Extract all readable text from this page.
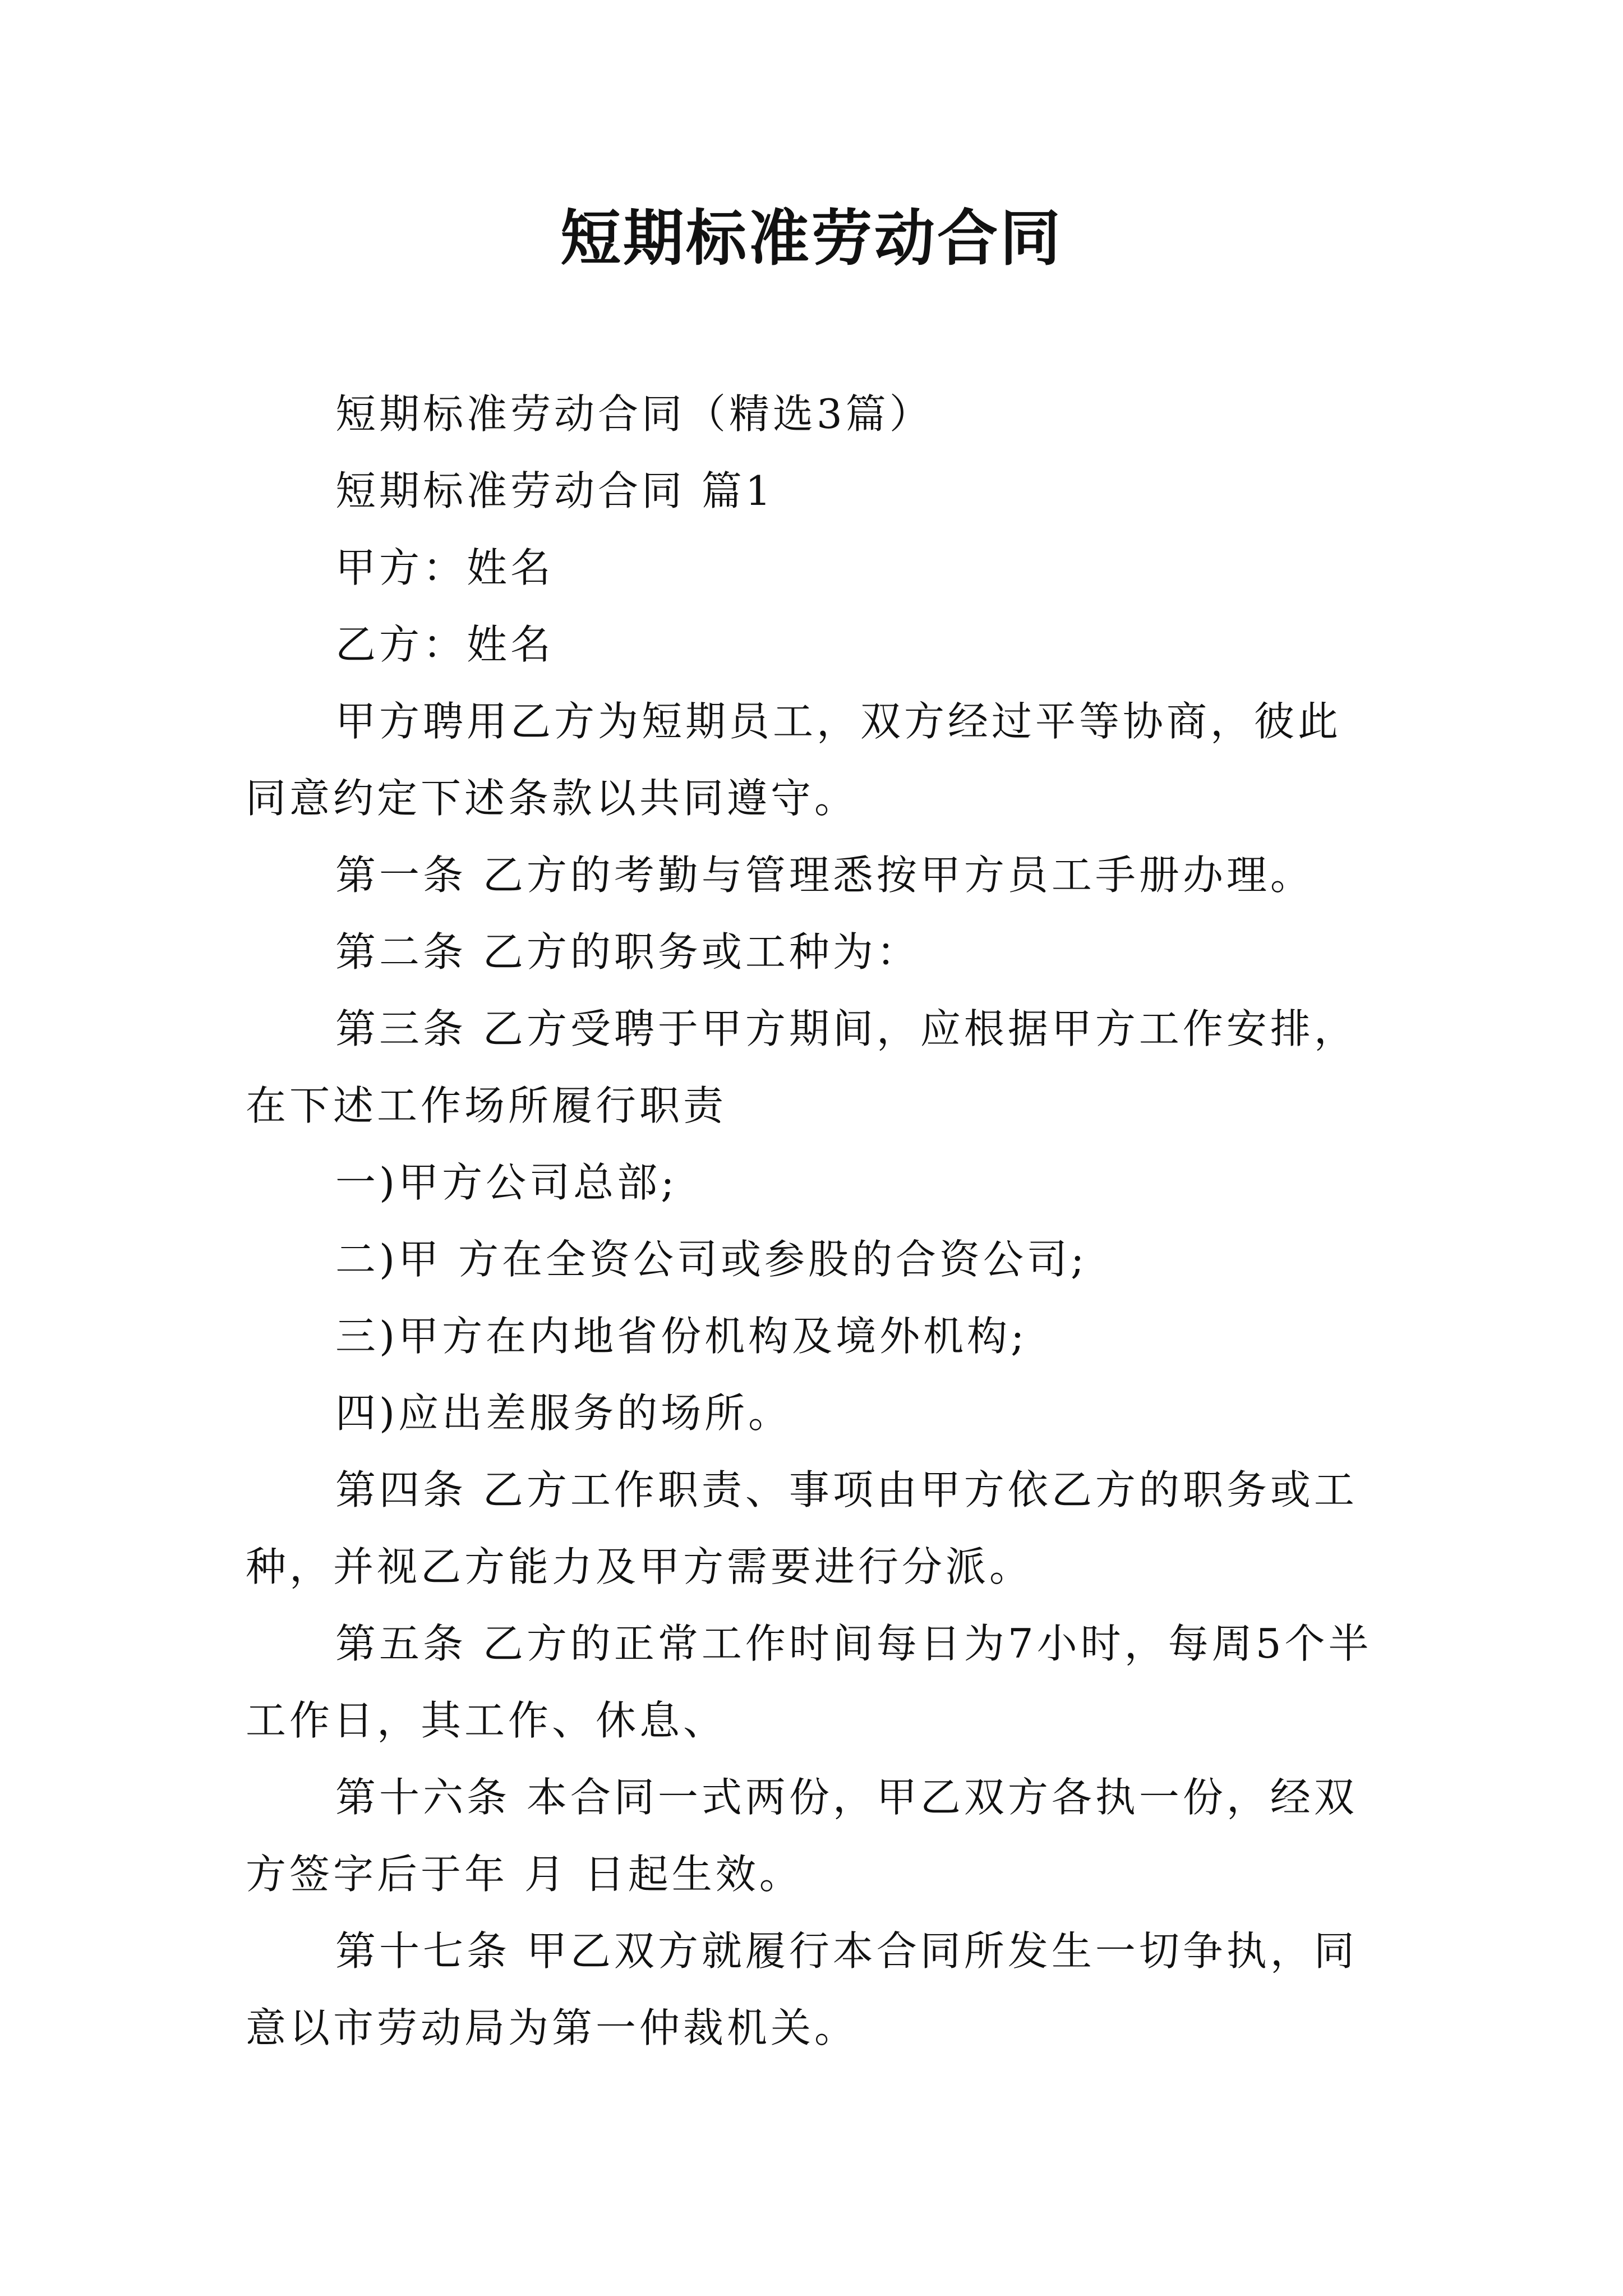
短期标准劳动合同

短期标准劳动合同（精选3篇）

短期标准劳动合同 篇1

甲方：姓名

乙方：姓名

甲方聘用乙方为短期员工，双方经过平等协商，彼此同意约定下述条款以共同遵守。

第一条 乙方的考勤与管理悉按甲方员工手册办理。

第二条 乙方的职务或工种为：

第三条 乙方受聘于甲方期间，应根据甲方工作安排，在下述工作场所履行职责

一)甲方公司总部;

二)甲 方在全资公司或参股的合资公司;

三)甲方在内地省份机构及境外机构;

四)应出差服务的场所。

第四条 乙方工作职责、事项由甲方依乙方的职务或工种，并视乙方能力及甲方需要进行分派。

第五条 乙方的正常工作时间每日为7小时，每周5个半工作日，其工作、休息、

第十六条 本合同一式两份，甲乙双方各执一份，经双方签字后于年 月 日起生效。

第十七条 甲乙双方就履行本合同所发生一切争执，同意以市劳动局为第一仲裁机关。
